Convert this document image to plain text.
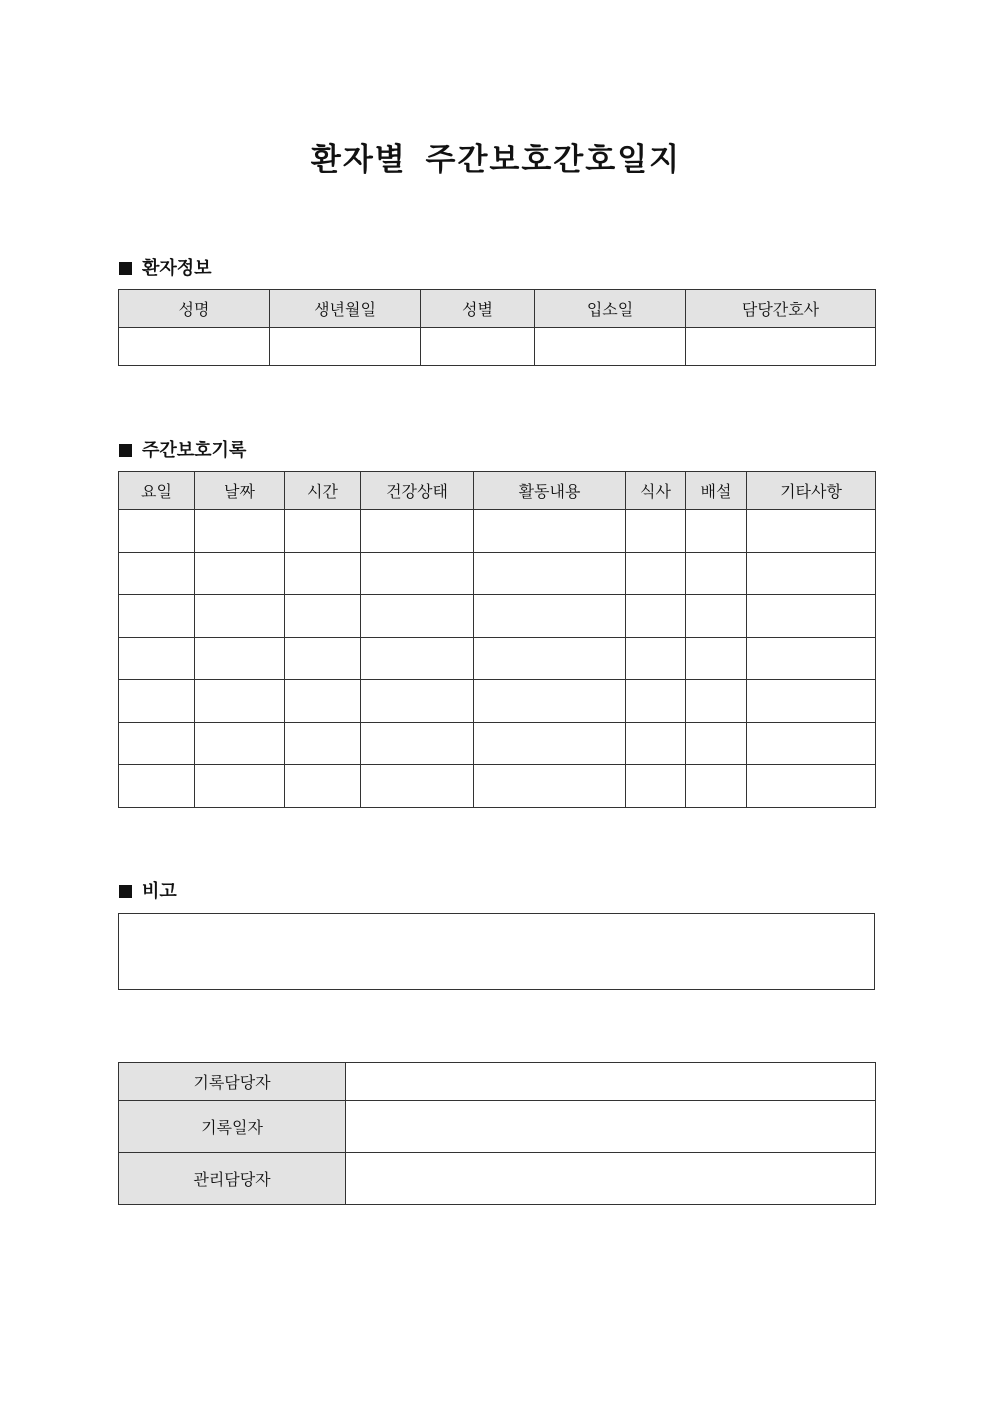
환자별 주간보호간호일지
환자정보
성명	생년월일	성별	입소일	담당간호사

주간보호기록
요일	날짜	시간	건강상태	활동내용	식사	배설	기타사항

비고
기록담당자	
기록일자	
관리담당자	
